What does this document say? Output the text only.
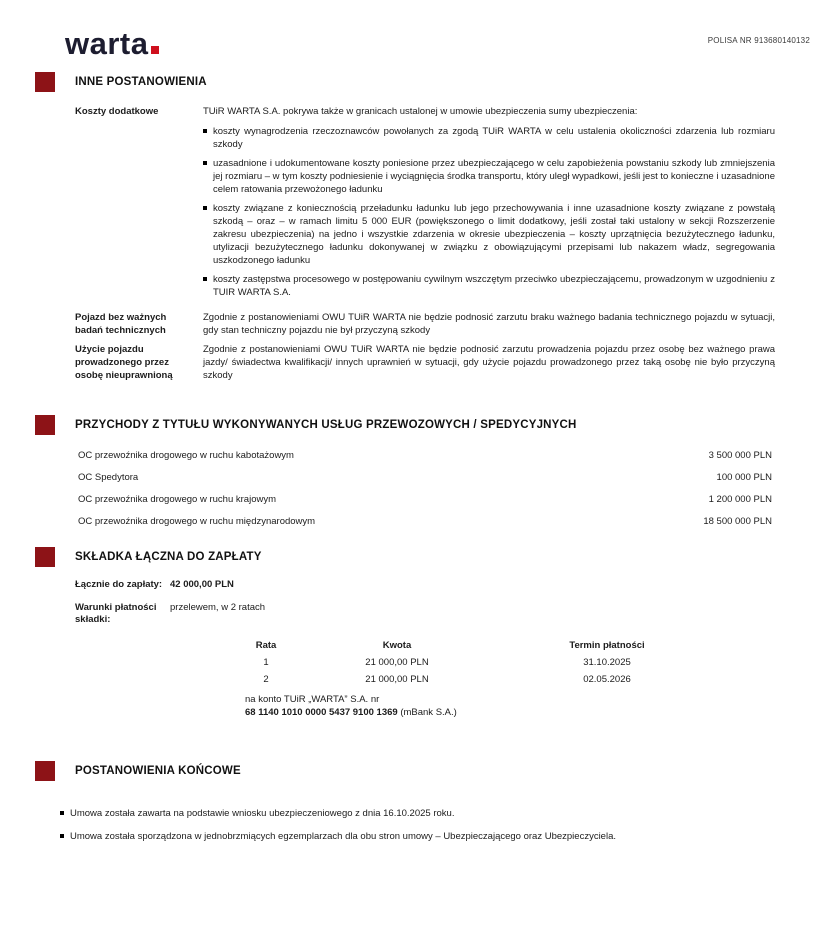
warta	POLISA NR 913680140132
INNE POSTANOWIENIA
Koszty dodatkowe	TUiR WARTA S.A. pokrywa także w granicach ustalonej w umowie ubezpieczenia sumy ubezpieczenia:
koszty wynagrodzenia rzeczoznawców powołanych za zgodą TUiR WARTA w celu ustalenia okoliczności zdarzenia lub rozmiaru szkody
uzasadnione i udokumentowane koszty poniesione przez ubezpieczającego w celu zapobieżenia powstaniu szkody lub zmniejszenia jej rozmiaru – w tym koszty podniesienie i wyciągnięcia środka transportu, który uległ wypadkowi, jeśli jest to konieczne i uzasadnione celem ratowania przewożonego ładunku
koszty związane z koniecznością przeładunku ładunku lub jego przechowywania i inne uzasadnione koszty związane z powstałą szkodą – oraz – w ramach limitu 5 000 EUR (powiększonego o limit dodatkowy, jeśli został taki ustalony w sekcji Rozszerzenie zakresu ubezpieczenia) na jedno i wszystkie zdarzenia w okresie ubezpieczenia – koszty uprzątnięcia bezużytecznego ładunku, utylizacji bezużytecznego ładunku dokonywanej w związku z obowiązującymi przepisami lub nakazem władz, segregowania uszkodzonego ładunku
koszty zastępstwa procesowego w postępowaniu cywilnym wszczętym przeciwko ubezpieczającemu, prowadzonym w uzgodnieniu z TUIR WARTA S.A.
Pojazd bez ważnych badań technicznych
Zgodnie z postanowieniami OWU TUiR WARTA nie będzie podnosić zarzutu braku ważnego badania technicznego pojazdu w sytuacji, gdy stan techniczny pojazdu nie był przyczyną szkody
Użycie pojazdu prowadzonego przez osobę nieuprawnioną
Zgodnie z postanowieniami OWU TUiR WARTA nie będzie podnosić zarzutu prowadzenia pojazdu przez osobę bez ważnego prawa jazdy/ świadectwa kwalifikacji/ innych uprawnień w sytuacji, gdy użycie pojazdu prowadzonego przez taką osobę nie było przyczyną szkody
PRZYCHODY Z TYTUŁU WYKONYWANYCH USŁUG PRZEWOZOWYCH / SPEDYCYJNYCH
OC przewoźnika drogowego w ruchu kabotażowym	3 500 000 PLN
OC Spedytora	100 000 PLN
OC przewoźnika drogowego w ruchu krajowym	1 200 000 PLN
OC przewoźnika drogowego w ruchu międzynarodowym	18 500 000 PLN
SKŁADKA ŁĄCZNA DO ZAPŁATY
Łącznie do zapłaty: 42 000,00 PLN
Warunki płatności składki:
przelewem, w 2 ratach
Rata	Kwota	Termin płatności
1	21 000,00 PLN	31.10.2025
2	21 000,00 PLN	02.05.2026
na konto TUiR „WARTA” S.A. nr
68 1140 1010 0000 5437 9100 1369 (mBank S.A.)
POSTANOWIENIA KOŃCOWE
Umowa została zawarta na podstawie wniosku ubezpieczeniowego z dnia 16.10.2025 roku.
Umowa została sporządzona w jednobrzmiących egzemplarzach dla obu stron umowy – Ubezpieczającego oraz Ubezpieczyciela.
